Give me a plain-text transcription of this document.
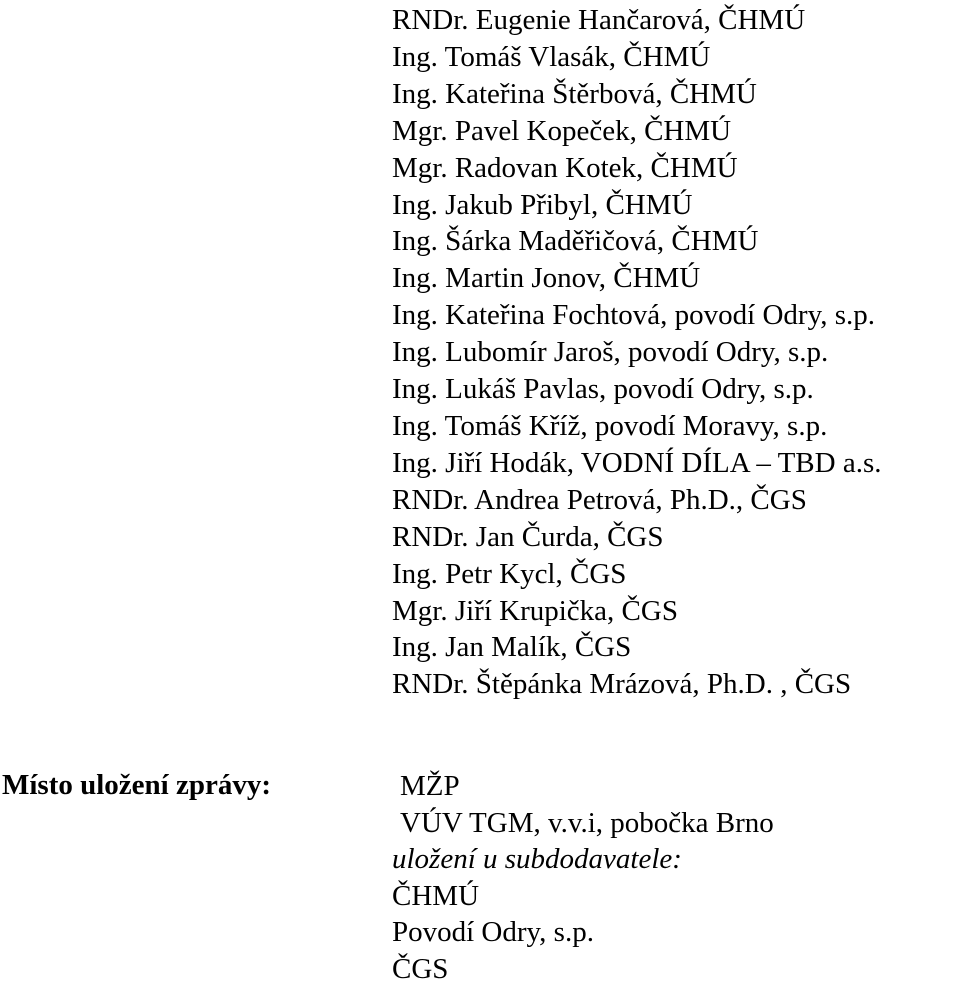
RNDr. Eugenie Hančarová, ČHMÚ
Ing. Tomáš Vlasák, ČHMÚ
Ing. Kateřina Štěrbová, ČHMÚ
Mgr. Pavel Kopeček, ČHMÚ
Mgr. Radovan Kotek, ČHMÚ
Ing. Jakub Přibyl, ČHMÚ
Ing. Šárka Maděřičová, ČHMÚ
Ing. Martin Jonov, ČHMÚ
Ing. Kateřina Fochtová, povodí Odry, s.p.
Ing. Lubomír Jaroš, povodí Odry, s.p.
Ing. Lukáš Pavlas, povodí Odry, s.p.
Ing. Tomáš Kříž, povodí Moravy, s.p.
Ing. Jiří Hodák, VODNÍ DÍLA – TBD a.s.
RNDr. Andrea Petrová, Ph.D., ČGS
RNDr. Jan Čurda, ČGS
Ing. Petr Kycl, ČGS
Mgr. Jiří Krupička, ČGS
Ing. Jan Malík, ČGS
RNDr. Štěpánka Mrázová, Ph.D. , ČGS

Místo uložení zprávy:	MŽP
VÚV TGM, v.v.i, pobočka Brno
uložení u subdodavatele:
ČHMÚ
Povodí Odry, s.p.
ČGS
